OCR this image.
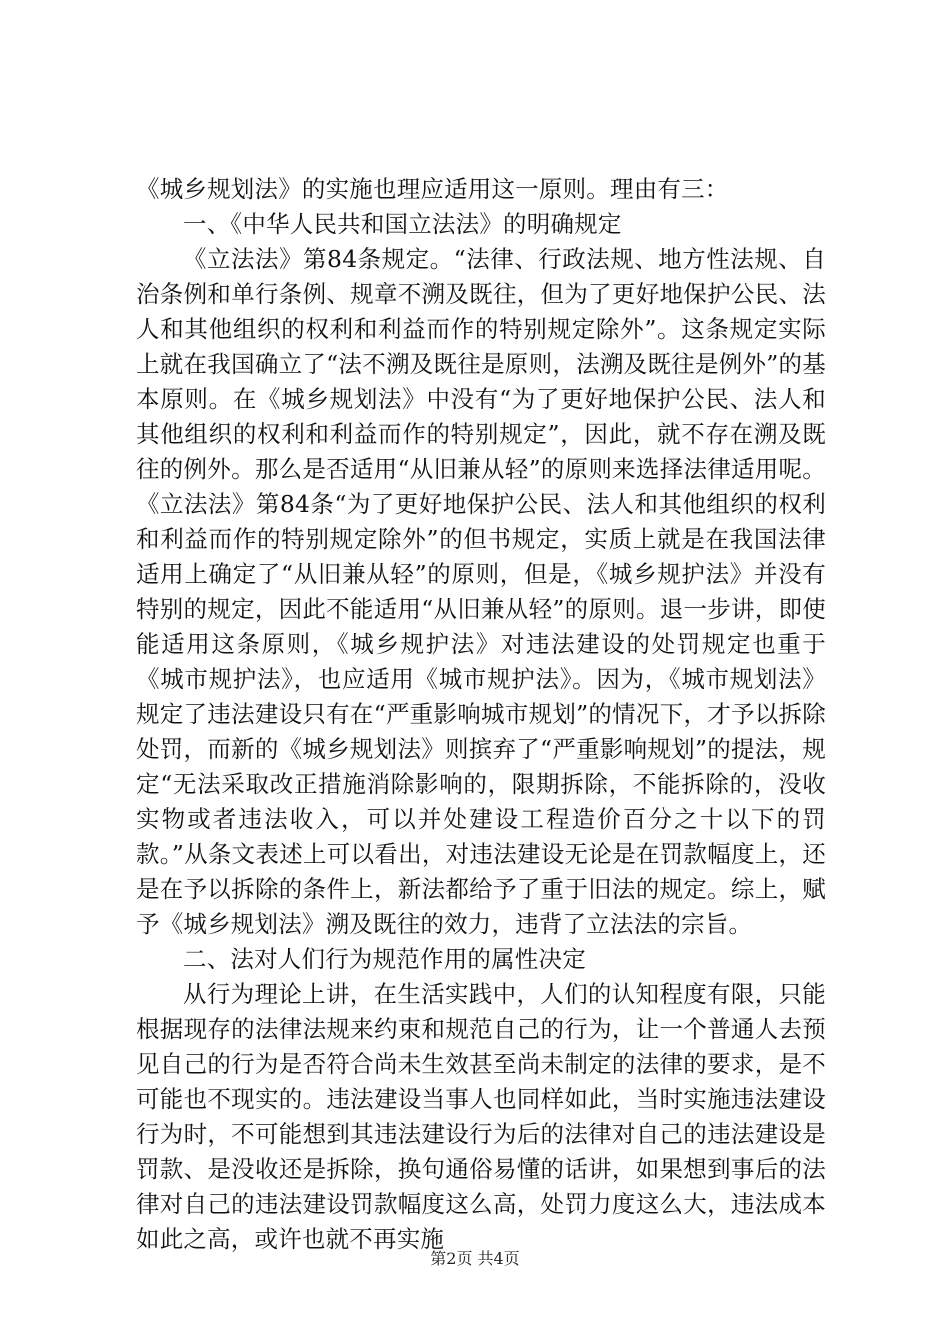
《城乡规划法》的实施也理应适用这一原则。理由有三：

一、《中华人民共和国立法法》的明确规定

《立法法》第84条规定。“法律、行政法规、地方性法规、自治条例和单行条例、规章不溯及既往，但为了更好地保护公民、法人和其他组织的权利和利益而作的特别规定除外”。这条规定实际上就在我国确立了“法不溯及既往是原则，法溯及既往是例外”的基本原则。在《城乡规划法》中没有“为了更好地保护公民、法人和其他组织的权利和利益而作的特别规定”，因此，就不存在溯及既往的例外。那么是否适用“从旧兼从轻”的原则来选择法律适用呢。《立法法》第84条“为了更好地保护公民、法人和其他组织的权利和利益而作的特别规定除外”的但书规定，实质上就是在我国法律适用上确定了“从旧兼从轻”的原则，但是，《城乡规护法》并没有特别的规定，因此不能适用“从旧兼从轻”的原则。退一步讲，即使能适用这条原则，《城乡规护法》对违法建设的处罚规定也重于《城市规护法》，也应适用《城市规护法》。因为，《城市规划法》规定了违法建设只有在“严重影响城市规划”的情况下，才予以拆除处罚，而新的《城乡规划法》则摈弃了“严重影响规划”的提法，规定“无法采取改正措施消除影响的，限期拆除，不能拆除的，没收实物或者违法收入，可以并处建设工程造价百分之十以下的罚款。”从条文表述上可以看出，对违法建设无论是在罚款幅度上，还是在予以拆除的条件上，新法都给予了重于旧法的规定。综上，赋予《城乡规划法》溯及既往的效力，违背了立法法的宗旨。

二、法对人们行为规范作用的属性决定

从行为理论上讲，在生活实践中，人们的认知程度有限，只能根据现存的法律法规来约束和规范自己的行为，让一个普通人去预见自己的行为是否符合尚未生效甚至尚未制定的法律的要求，是不可能也不现实的。违法建设当事人也同样如此，当时实施违法建设行为时，不可能想到其违法建设行为后的法律对自己的违法建设是罚款、是没收还是拆除，换句通俗易懂的话讲，如果想到事后的法律对自己的违法建设罚款幅度这么高，处罚力度这么大，违法成本如此之高，或许也就不再实施

第2页 共4页
